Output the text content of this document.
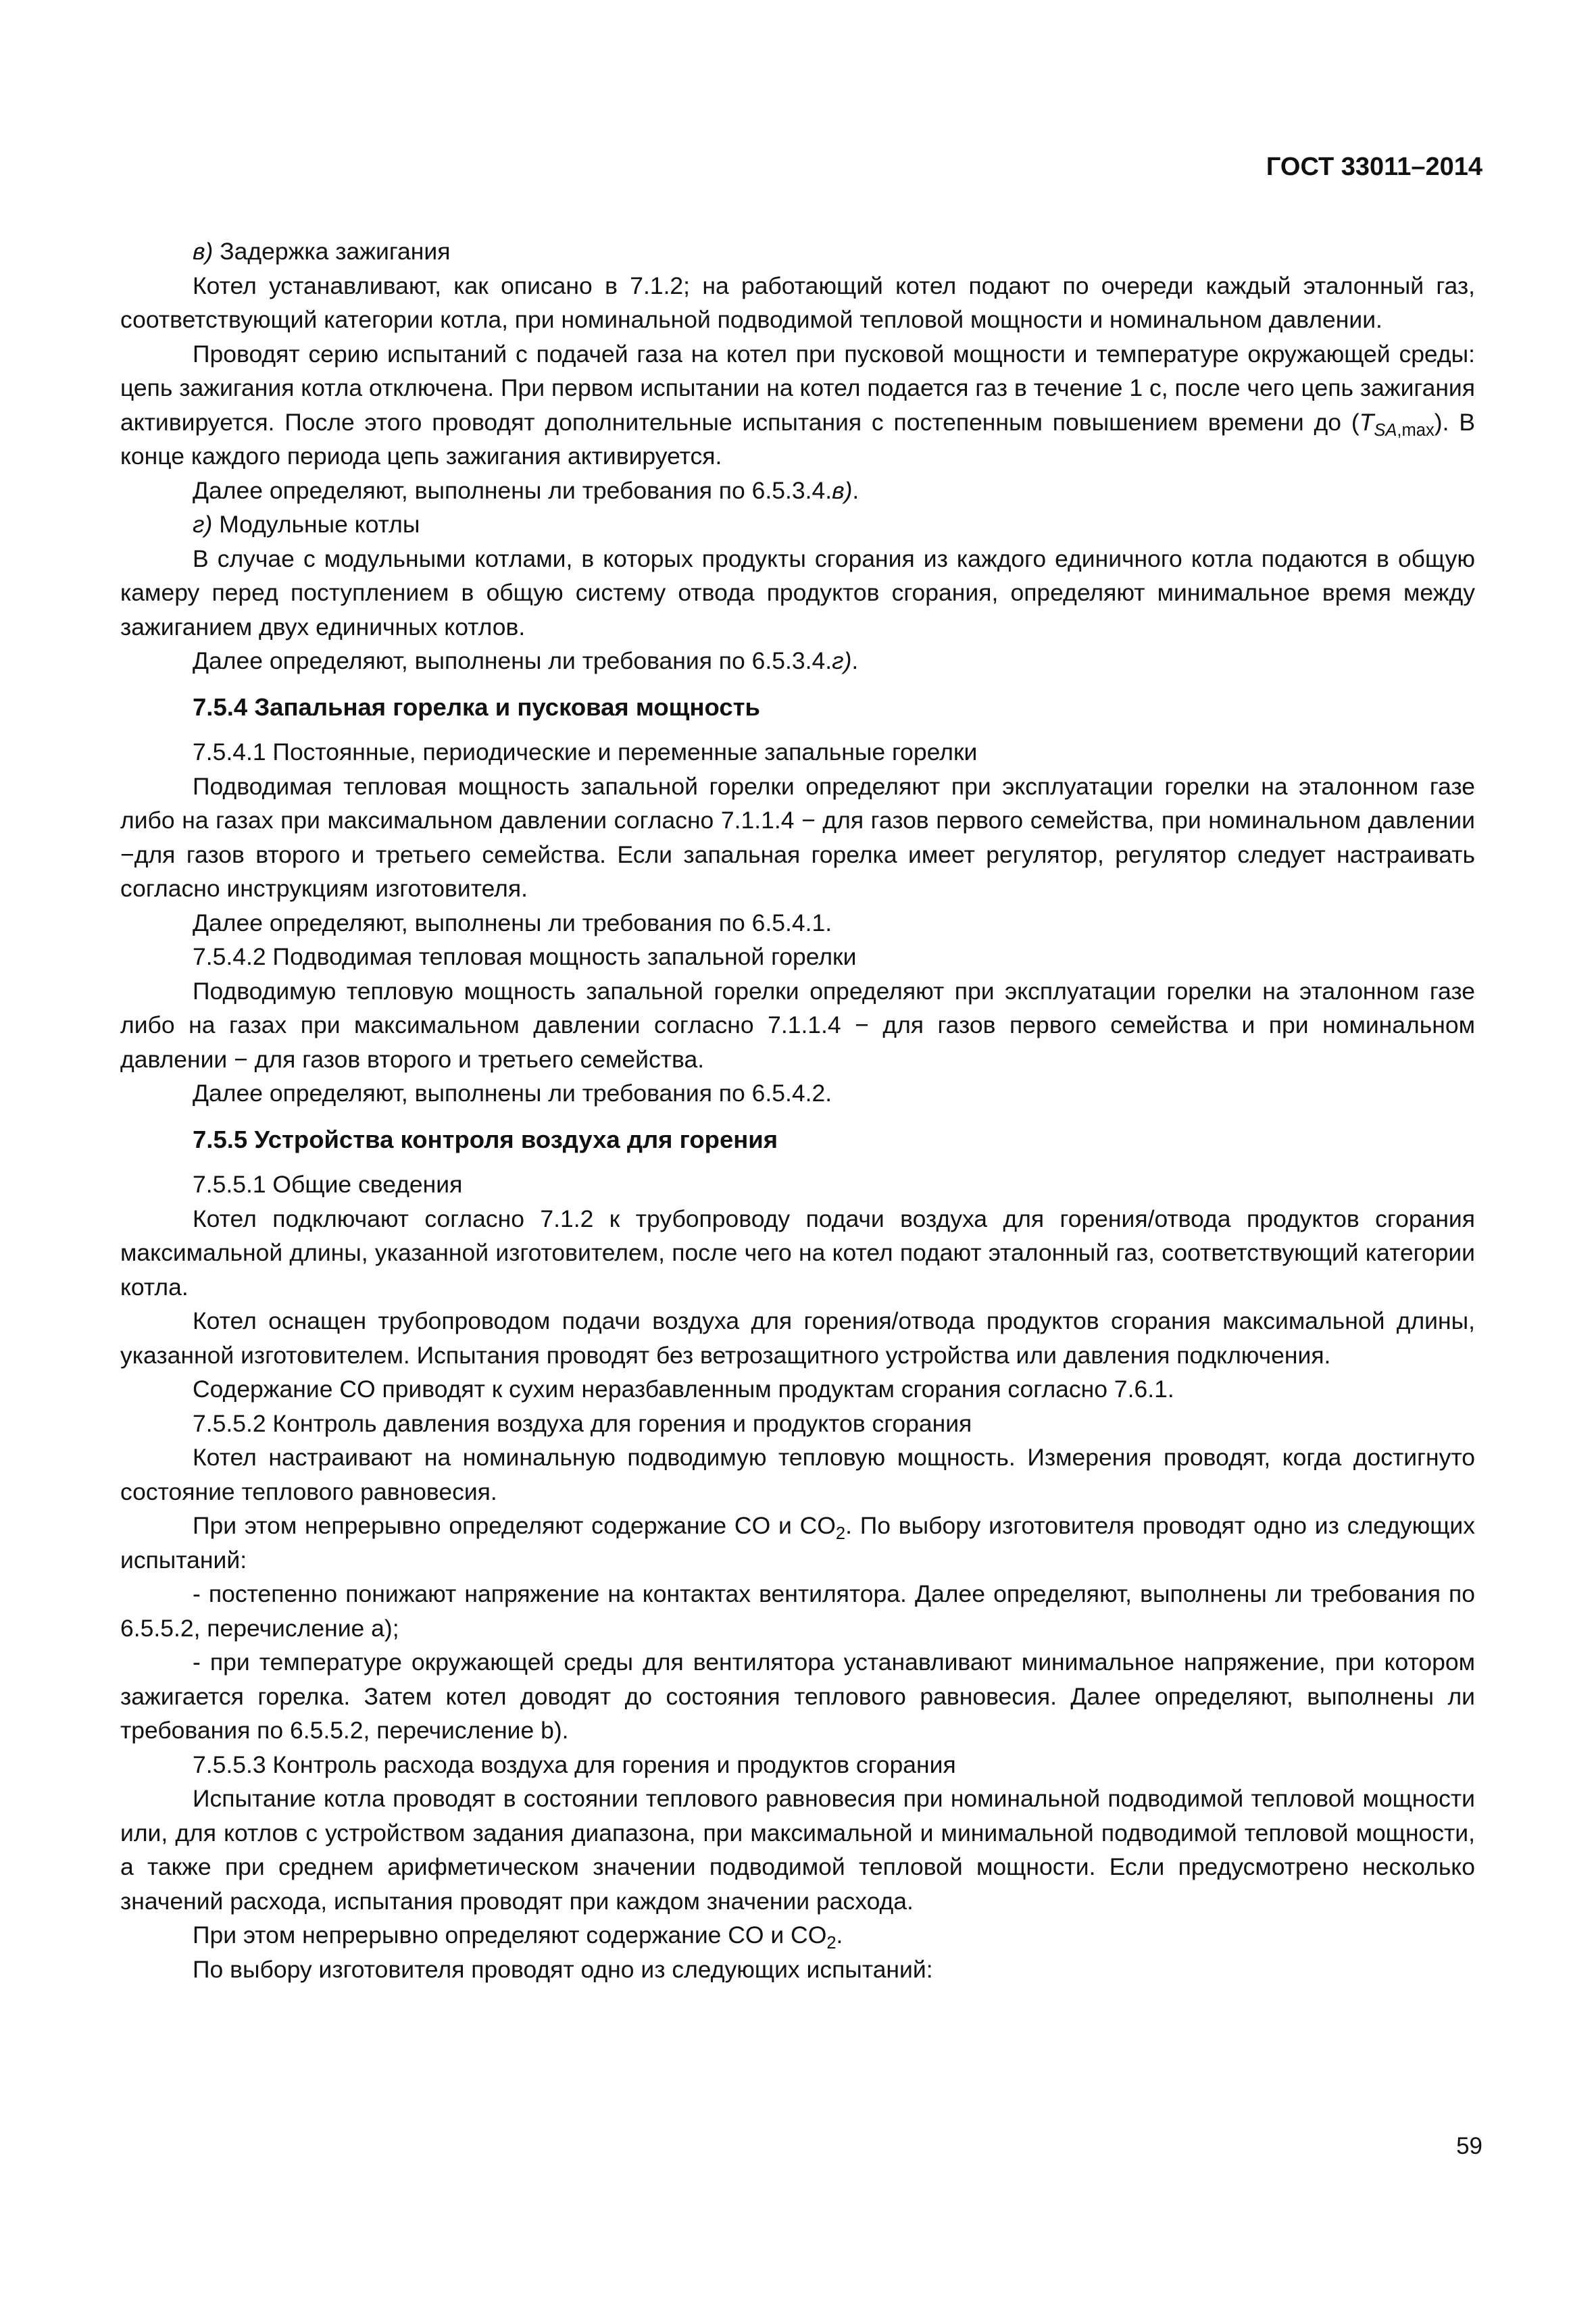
ГОСТ 33011–2014

в) Задержка зажигания

Котел устанавливают, как описано в 7.1.2; на работающий котел подают по очереди каждый эталонный газ, соответствующий категории котла, при номинальной подводимой тепловой мощности и номинальном давлении.

Проводят серию испытаний с подачей газа на котел при пусковой мощности и температуре окружающей среды: цепь зажигания котла отключена. При первом испытании на котел подается газ в течение 1 с, после чего цепь зажигания активируется. После этого проводят дополнительные испытания с постепенным повышением времени до $(T_{SA,max})$. В конце каждого периода цепь зажигания активируется.

Далее определяют, выполнены ли требования по 6.5.3.4.в).

г) Модульные котлы

В случае с модульными котлами, в которых продукты сгорания из каждого единичного котла подаются в общую камеру перед поступлением в общую систему отвода продуктов сгорания, определяют минимальное время между зажиганием двух единичных котлов.

Далее определяют, выполнены ли требования по 6.5.3.4.г).

7.5.4 Запальная горелка и пусковая мощность

7.5.4.1 Постоянные, периодические и переменные запальные горелки

Подводимая тепловая мощность запальной горелки определяют при эксплуатации горелки на эталонном газе либо на газах при максимальном давлении согласно 7.1.1.4 − для газов первого семейства, при номинальном давлении −для газов второго и третьего семейства. Если запальная горелка имеет регулятор, регулятор следует настраивать согласно инструкциям изготовителя.

Далее определяют, выполнены ли требования по 6.5.4.1.

7.5.4.2 Подводимая тепловая мощность запальной горелки

Подводимую тепловую мощность запальной горелки определяют при эксплуатации горелки на эталонном газе либо на газах при максимальном давлении согласно 7.1.1.4 − для газов первого семейства и при номинальном давлении − для газов второго и третьего семейства.

Далее определяют, выполнены ли требования по 6.5.4.2.

7.5.5 Устройства контроля воздуха для горения

7.5.5.1 Общие сведения

Котел подключают согласно 7.1.2 к трубопроводу подачи воздуха для горения/отвода продуктов сгорания максимальной длины, указанной изготовителем, после чего на котел подают эталонный газ, соответствующий категории котла.

Котел оснащен трубопроводом подачи воздуха для горения/отвода продуктов сгорания максимальной длины, указанной изготовителем. Испытания проводят без ветрозащитного устройства или давления подключения.

Содержание CO приводят к сухим неразбавленным продуктам сгорания согласно 7.6.1.

7.5.5.2 Контроль давления воздуха для горения и продуктов сгорания

Котел настраивают на номинальную подводимую тепловую мощность. Измерения проводят, когда достигнуто состояние теплового равновесия.

При этом непрерывно определяют содержание CO и $CO_2$. По выбору изготовителя проводят одно из следующих испытаний:

- постепенно понижают напряжение на контактах вентилятора. Далее определяют, выполнены ли требования по 6.5.5.2, перечисление а);

- при температуре окружающей среды для вентилятора устанавливают минимальное напряжение, при котором зажигается горелка. Затем котел доводят до состояния теплового равновесия. Далее определяют, выполнены ли требования по 6.5.5.2, перечисление b).

7.5.5.3 Контроль расхода воздуха для горения и продуктов сгорания

Испытание котла проводят в состоянии теплового равновесия при номинальной подводимой тепловой мощности или, для котлов с устройством задания диапазона, при максимальной и минимальной подводимой тепловой мощности, а также при среднем арифметическом значении подводимой тепловой мощности. Если предусмотрено несколько значений расхода, испытания проводят при каждом значении расхода.

При этом непрерывно определяют содержание CO и $CO_2$.

По выбору изготовителя проводят одно из следующих испытаний:

59
